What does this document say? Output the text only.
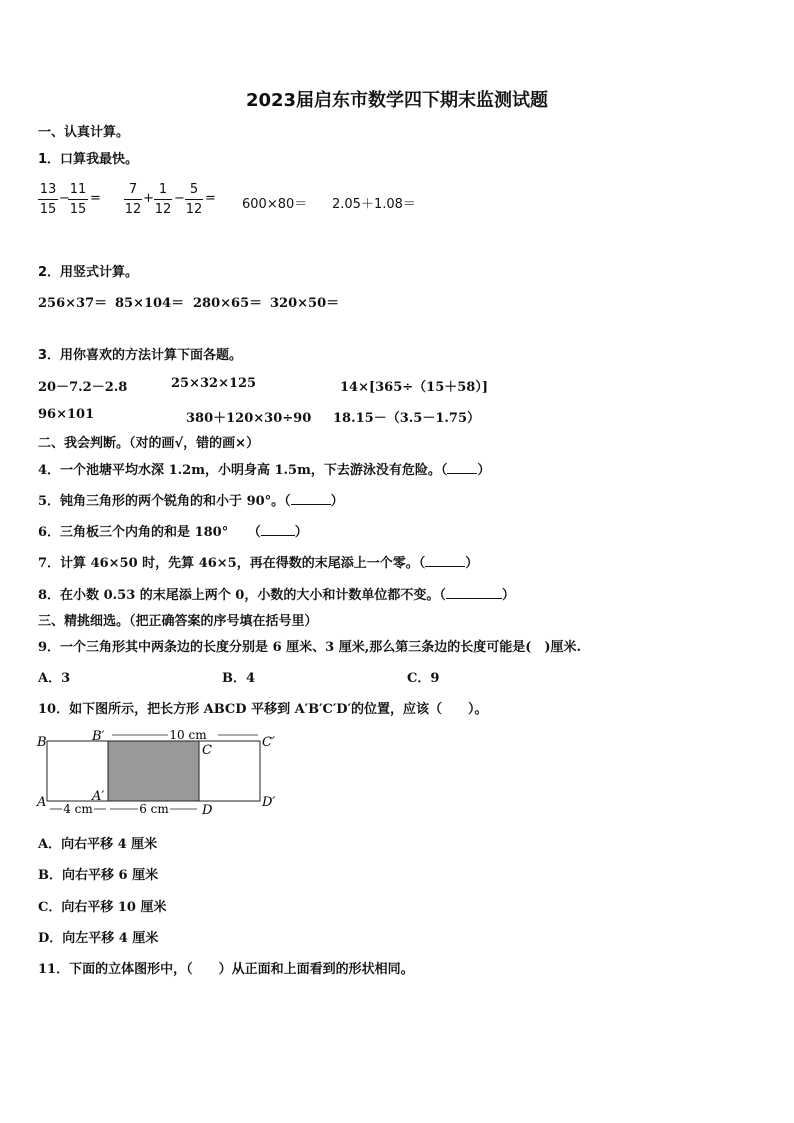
2023届启东市数学四下期末监测试题
一、认真计算。
1．口算我最快。
13
15
−
11
15
=
7
12
+
1
12
−
5
12
= 600×80＝ 2.05＋1.08＝
2．用竖式计算。
256×37＝ 85×104＝ 280×65＝ 320×50＝
3．用你喜欢的方法计算下面各题。
20－7.2－2.8	25×32×125	14×[365÷（15＋58）]
96×101	380＋120×30÷90 18.15－（3.5－1.75）
二、我会判断。（对的画√，错的画×）
4．一个池塘平均水深 1.2m，小明身高 1.5m，下去游泳没有危险。（ ）
5．钝角三角形的两个锐角的和小于 90°。（	）
6．三角板三个内角的和是 180°　　（	）
7．计算 46×50 时，先算 46×5，再在得数的末尾添上一个零。（	）
8．在小数 0.53 的末尾添上两个 0，小数的大小和计数单位都不变。（	）
三、精挑细选。（把正确答案的序号填在括号里）
9．一个三角形其中两条边的长度分别是 6 厘米、3 厘米,那么第三条边的长度可能是(　)厘米.
A．3	B．4	C．9
10．如下图所示，把长方形 ABCD 平移到 A′B′C′D′的位置，应该（　　）。
10 cm
4 cm	6 cm
B	B′
C
C′
A	A′
D
D′
A．向右平移 4 厘米
B．向右平移 6 厘米
C．向右平移 10 厘米
D．向左平移 4 厘米
11．下面的立体图形中，（　　）从正面和上面看到的形状相同。
